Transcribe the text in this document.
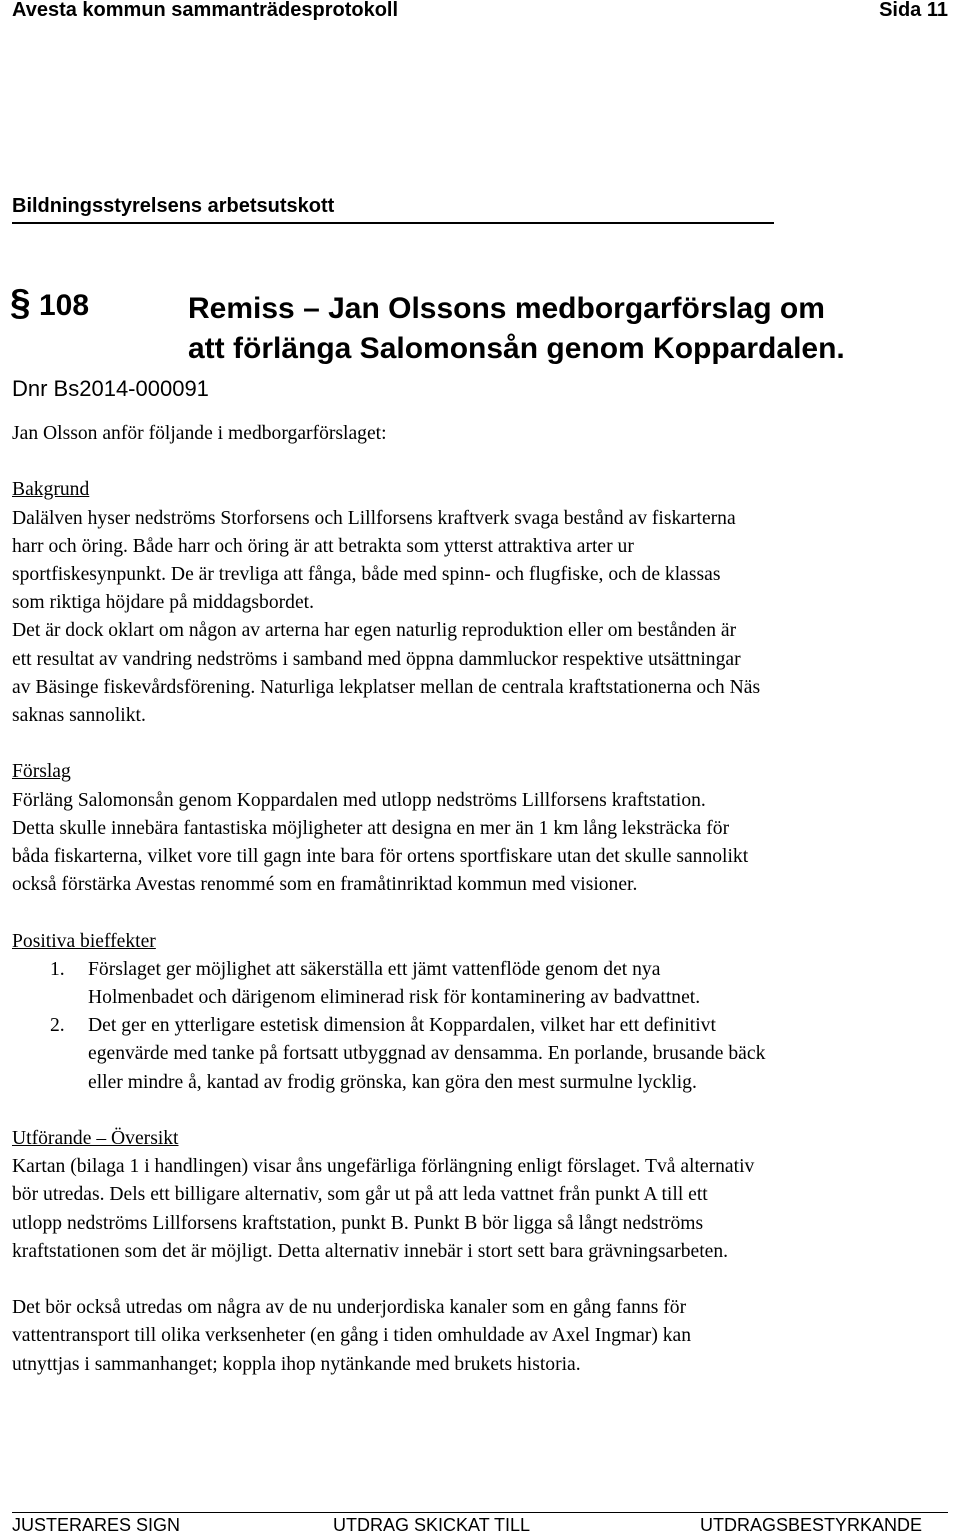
Avesta kommun sammanträdesprotokoll	Sida 11
Bildningsstyrelsens arbetsutskott
§ 108	Remiss – Jan Olssons medborgarförslag om
att förlänga Salomonsån genom Koppardalen.
Dnr Bs2014-000091

Jan Olsson anför följande i medborgarförslaget:

Bakgrund

Dalälven hyser nedströms Storforsens och Lillforsens kraftverk svaga bestånd av fiskarterna
harr och öring. Både harr och öring är att betrakta som ytterst attraktiva arter ur
sportfiskesynpunkt. De är trevliga att fånga, både med spinn- och flugfiske, och de klassas
som riktiga höjdare på middagsbordet.
Det är dock oklart om någon av arterna har egen naturlig reproduktion eller om bestånden är
ett resultat av vandring nedströms i samband med öppna dammluckor respektive utsättningar
av Bäsinge fiskevårdsförening. Naturliga lekplatser mellan de centrala kraftstationerna och Näs
saknas sannolikt.

Förslag

Förläng Salomonsån genom Koppardalen med utlopp nedströms Lillforsens kraftstation.
Detta skulle innebära fantastiska möjligheter att designa en mer än 1 km lång leksträcka för
båda fiskarterna, vilket vore till gagn inte bara för ortens sportfiskare utan det skulle sannolikt
också förstärka Avestas renommé som en framåtinriktad kommun med visioner.

Positiva bieffekter

1. Förslaget ger möjlighet att säkerställa ett jämt vattenflöde genom det nya
Holmenbadet och därigenom eliminerad risk för kontaminering av badvattnet.
2. Det ger en ytterligare estetisk dimension åt Koppardalen, vilket har ett definitivt
egenvärde med tanke på fortsatt utbyggnad av densamma. En porlande, brusande bäck
eller mindre å, kantad av frodig grönska, kan göra den mest surmulne lycklig.

Utförande – Översikt

Kartan (bilaga 1 i handlingen) visar åns ungefärliga förlängning enligt förslaget. Två alternativ
bör utredas. Dels ett billigare alternativ, som går ut på att leda vattnet från punkt A till ett
utlopp nedströms Lillforsens kraftstation, punkt B. Punkt B bör ligga så långt nedströms
kraftstationen som det är möjligt. Detta alternativ innebär i stort sett bara grävningsarbeten.

Det bör också utredas om några av de nu underjordiska kanaler som en gång fanns för
vattentransport till olika verksenheter (en gång i tiden omhuldade av Axel Ingmar) kan
utnyttjas i sammanhanget; koppla ihop nytänkande med brukets historia.

JUSTERARES SIGN	UTDRAG SKICKAT TILL	UTDRAGSBESTYRKANDE
